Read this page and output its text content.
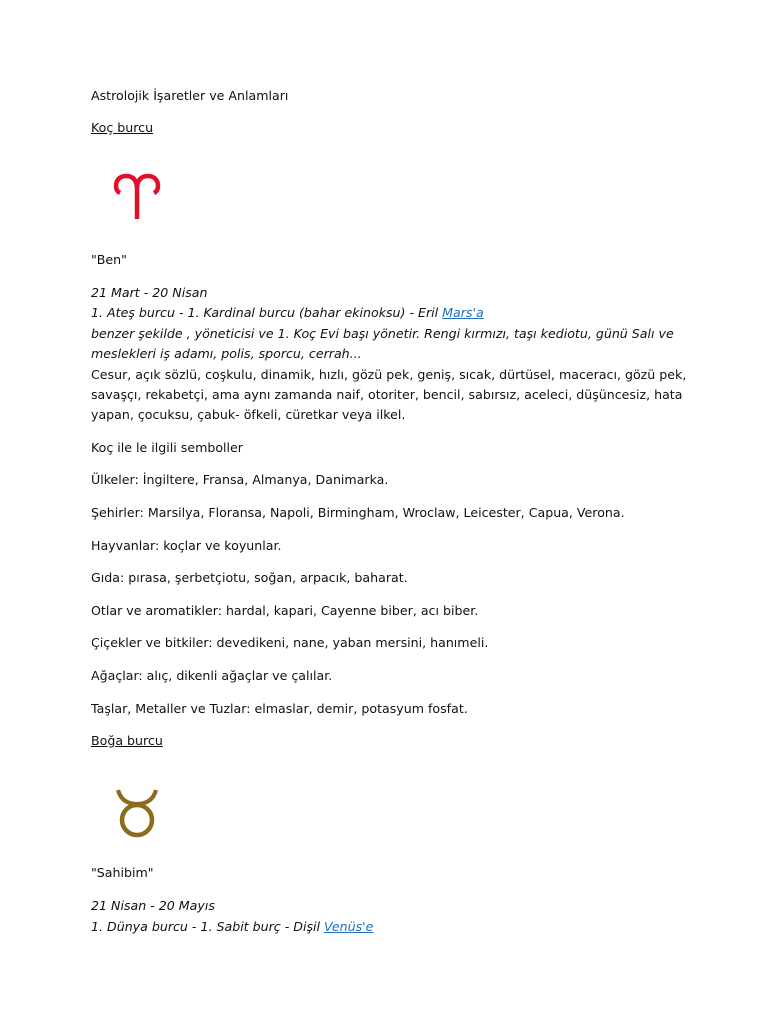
Astrolojik İşaretler ve Anlamları
Koç burcu
"Ben"
21 Mart - 20 Nisan
1. Ateş burcu - 1. Kardinal burcu (bahar ekinoksu) - Eril Mars'a
benzer şekilde , yöneticisi ve 1. Koç Evi başı yönetir. Rengi kırmızı, taşı kediotu, günü Salı ve
meslekleri iş adamı, polis, sporcu, cerrah...
Cesur, açık sözlü, coşkulu, dinamik, hızlı, gözü pek, geniş, sıcak, dürtüsel, maceracı, gözü pek,
savaşçı, rekabetçi, ama aynı zamanda naif, otoriter, bencil, sabırsız, aceleci, düşüncesiz, hata
yapan, çocuksu, çabuk- öfkeli, cüretkar veya ilkel.
Koç ile le ilgili semboller
Ülkeler: İngiltere, Fransa, Almanya, Danimarka.
Şehirler: Marsilya, Floransa, Napoli, Birmingham, Wroclaw, Leicester, Capua, Verona.
Hayvanlar: koçlar ve koyunlar.
Gıda: pırasa, şerbetçiotu, soğan, arpacık, baharat.
Otlar ve aromatikler: hardal, kapari, Cayenne biber, acı biber.
Çiçekler ve bitkiler: devedikeni, nane, yaban mersini, hanımeli.
Ağaçlar: alıç, dikenli ağaçlar ve çalılar.
Taşlar, Metaller ve Tuzlar: elmaslar, demir, potasyum fosfat.
Boğa burcu
"Sahibim"
21 Nisan - 20 Mayıs
1. Dünya burcu - 1. Sabit burç - Dişil Venüs'e
